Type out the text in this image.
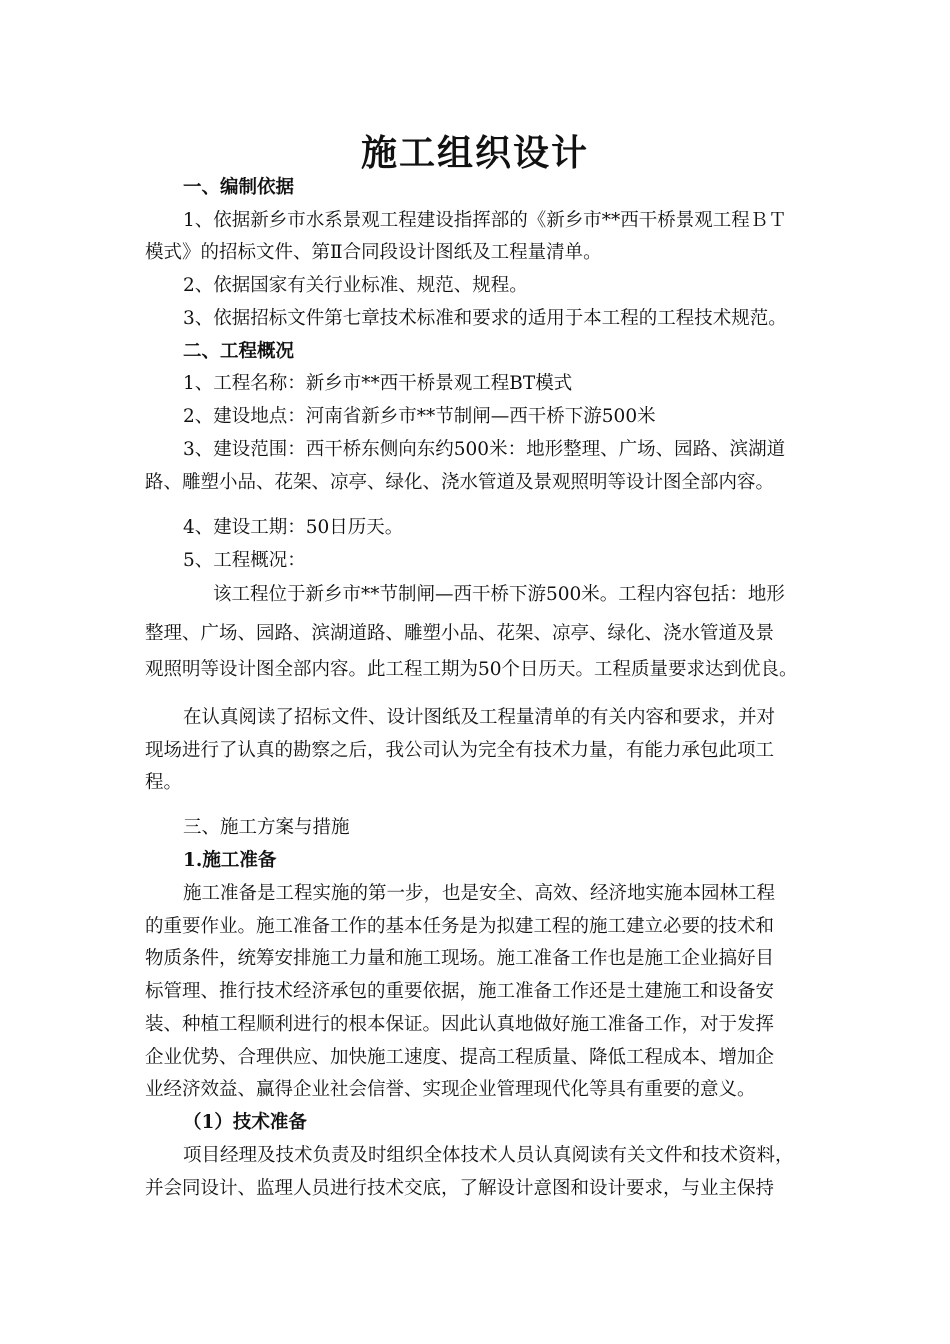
施工组织设计
一、编制依据
1、依据新乡市水系景观工程建设指挥部的《新乡市**西干桥景观工程ＢＴ
模式》的招标文件、第Ⅱ合同段设计图纸及工程量清单。
2、依据国家有关行业标准、规范、规程。
3、依据招标文件第七章技术标准和要求的适用于本工程的工程技术规范。
二、工程概况
1、工程名称：新乡市**西干桥景观工程BT模式
2、建设地点：河南省新乡市**节制闸—西干桥下游500米
3、建设范围：西干桥东侧向东约500米：地形整理、广场、园路、滨湖道
路、雕塑小品、花架、凉亭、绿化、浇水管道及景观照明等设计图全部内容。
4、建设工期：50日历天。
5、工程概况：
该工程位于新乡市**节制闸—西干桥下游500米。工程内容包括：地形
整理、广场、园路、滨湖道路、雕塑小品、花架、凉亭、绿化、浇水管道及景
观照明等设计图全部内容。此工程工期为50个日历天。工程质量要求达到优良。
在认真阅读了招标文件、设计图纸及工程量清单的有关内容和要求，并对
现场进行了认真的勘察之后，我公司认为完全有技术力量，有能力承包此项工
程。
三、施工方案与措施
1.施工准备
施工准备是工程实施的第一步，也是安全、高效、经济地实施本园林工程
的重要作业。施工准备工作的基本任务是为拟建工程的施工建立必要的技术和
物质条件，统筹安排施工力量和施工现场。施工准备工作也是施工企业搞好目
标管理、推行技术经济承包的重要依据，施工准备工作还是土建施工和设备安
装、种植工程顺利进行的根本保证。因此认真地做好施工准备工作，对于发挥
企业优势、合理供应、加快施工速度、提高工程质量、降低工程成本、增加企
业经济效益、赢得企业社会信誉、实现企业管理现代化等具有重要的意义。
（1）技术准备
项目经理及技术负责及时组织全体技术人员认真阅读有关文件和技术资料，
并会同设计、监理人员进行技术交底，了解设计意图和设计要求，与业主保持
